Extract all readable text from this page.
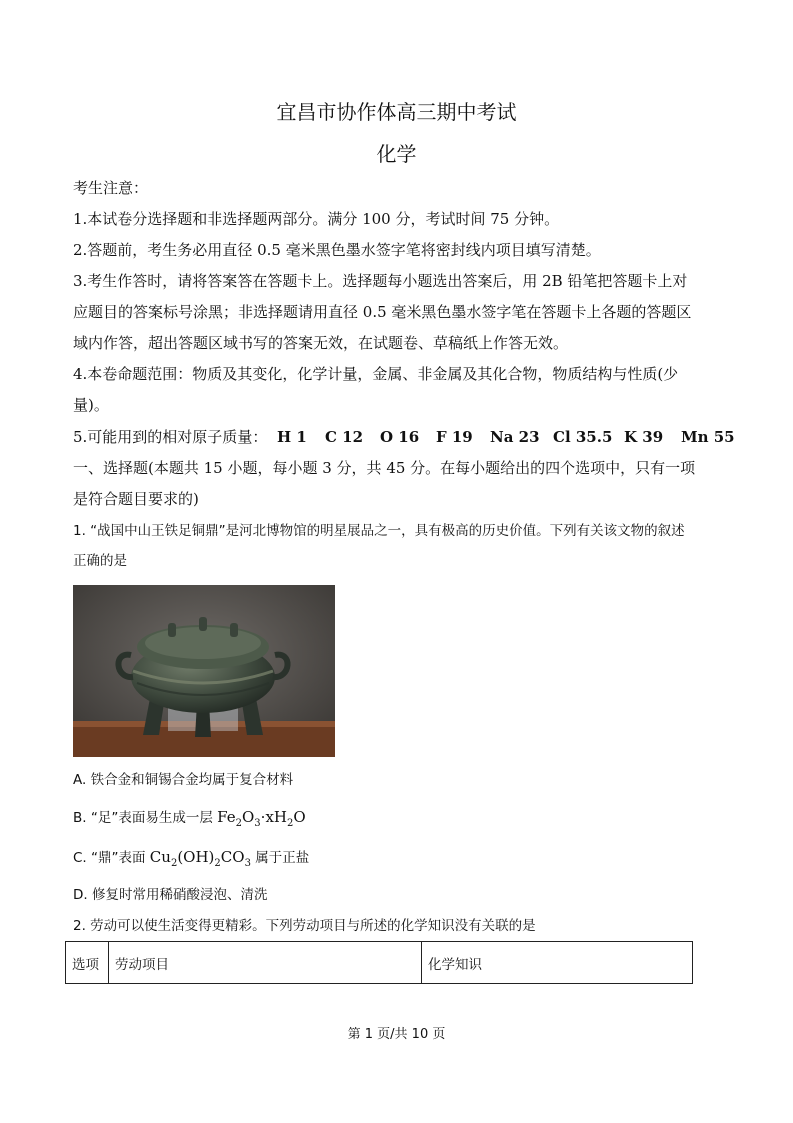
宜昌市协作体高三期中考试
化学
考生注意：
1.本试卷分选择题和非选择题两部分。满分 100 分，考试时间 75 分钟。
2.答题前，考生务必用直径 0.5 毫米黑色墨水签字笔将密封线内项目填写清楚。
3.考生作答时，请将答案答在答题卡上。选择题每小题选出答案后，用 2B 铅笔把答题卡上对
应题目的答案标号涂黑；非选择题请用直径 0.5 毫米黑色墨水签字笔在答题卡上各题的答题区
域内作答，超出答题区域书写的答案无效，在试题卷、草稿纸上作答无效。
4.本卷命题范围：物质及其变化，化学计量，金属、非金属及其化合物，物质结构与性质(少
量)。
5.可能用到的相对原子质量： H 1 C 12 O 16 F 19 Na 23 Cl 35.5 K 39 Mn 55
一、选择题(本题共 15 小题，每小题 3 分，共 45 分。在每小题给出的四个选项中，只有一项
是符合题目要求的)
1. “战国中山王铁足铜鼎”是河北博物馆的明星展品之一，具有极高的历史价值。下列有关该文物的叙述
正确的是
A. 铁合金和铜锡合金均属于复合材料
B. “足”表面易生成一层 $Fe_2O_3\cdot xH_2O$
C. “鼎”表面 $Cu_2(OH)_2CO_3$ 属于正盐
D. 修复时常用稀硝酸浸泡、清洗
2. 劳动可以使生活变得更精彩。下列劳动项目与所述的化学知识没有关联的是
选项	劳动项目	化学知识
第 1 页/共 10 页
